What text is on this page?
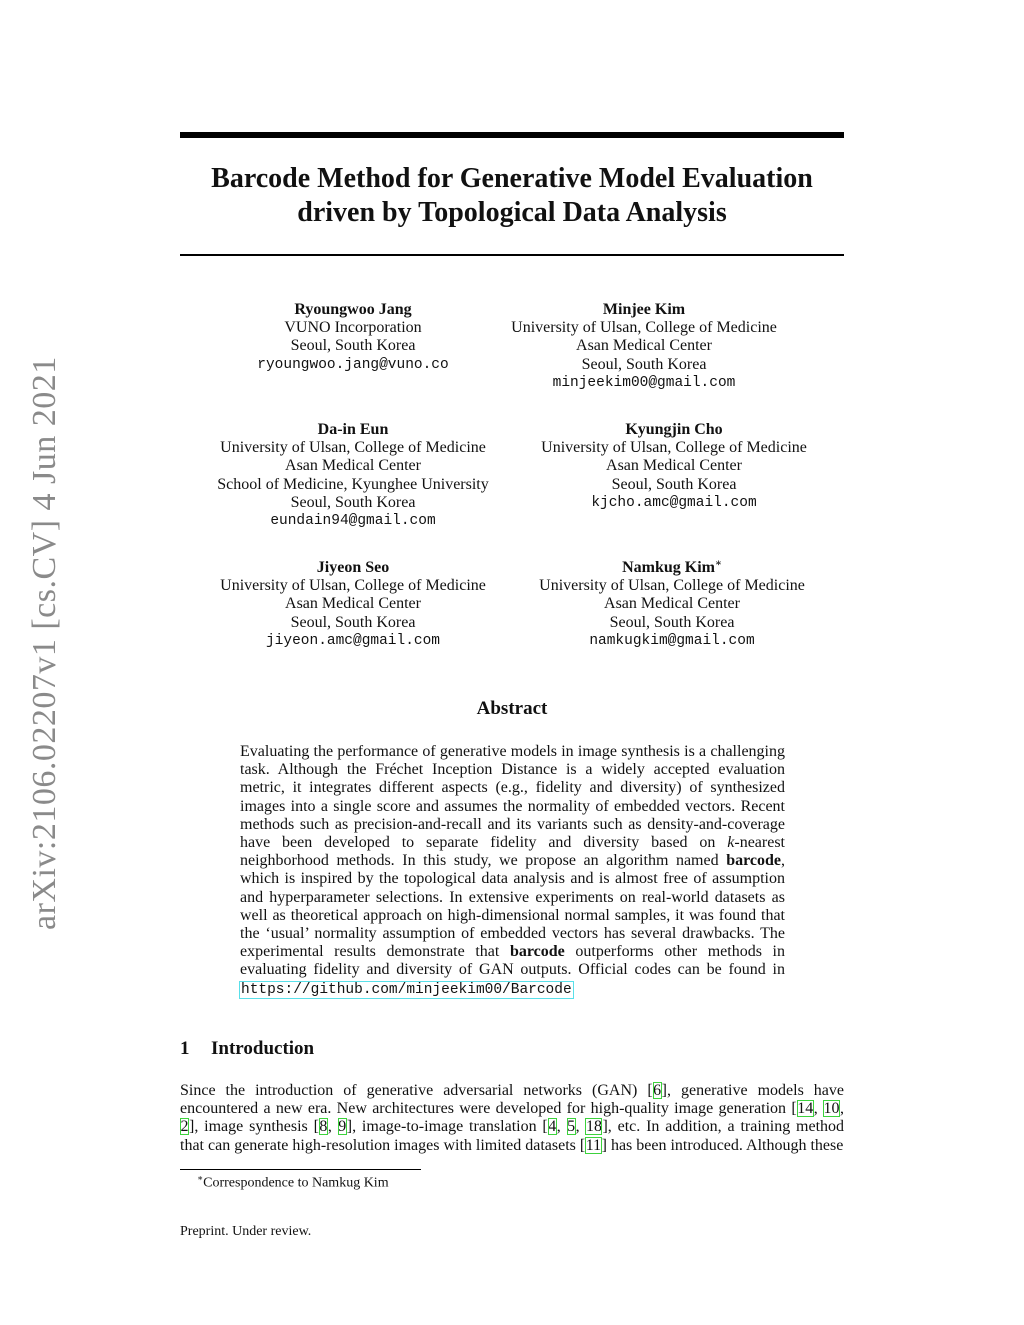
arXiv:2106.02207v1 [cs.CV] 4 Jun 2021
Barcode Method for Generative Model Evaluation
driven by Topological Data Analysis
Ryoungwoo Jang
VUNO Incorporation
Seoul, South Korea
ryoungwoo.jang@vuno.co
Minjee Kim
University of Ulsan, College of Medicine
Asan Medical Center
Seoul, South Korea
minjeekim00@gmail.com
Da-in Eun
University of Ulsan, College of Medicine
Asan Medical Center
School of Medicine, Kyunghee University
Seoul, South Korea
eundain94@gmail.com
Kyungjin Cho
University of Ulsan, College of Medicine
Asan Medical Center
Seoul, South Korea
kjcho.amc@gmail.com
Jiyeon Seo
University of Ulsan, College of Medicine
Asan Medical Center
Seoul, South Korea
jiyeon.amc@gmail.com
Namkug Kim∗
University of Ulsan, College of Medicine
Asan Medical Center
Seoul, South Korea
namkugkim@gmail.com
Abstract
Evaluating the performance of generative models in image synthesis is a challenging task. Although the Fréchet Inception Distance is a widely accepted evaluation metric, it integrates different aspects (e.g., fidelity and diversity) of synthesized images into a single score and assumes the normality of embedded vectors. Recent methods such as precision-and-recall and its variants such as density-and-coverage have been developed to separate fidelity and diversity based on k-nearest neighborhood methods. In this study, we propose an algorithm named barcode, which is inspired by the topological data analysis and is almost free of assumption and hyperparameter selections. In extensive experiments on real-world datasets as well as theoretical approach on high-dimensional normal samples, it was found that the ‘usual’ normality assumption of embedded vectors has several drawbacks. The experimental results demonstrate that barcode outperforms other methods in evaluating fidelity and diversity of GAN outputs. Official codes can be found in https://github.com/minjeekim00/Barcode
1 Introduction
Since the introduction of generative adversarial networks (GAN) [6], generative models have encountered a new era. New architectures were developed for high-quality image generation [14, 10, 2], image synthesis [8, 9], image-to-image translation [4, 5, 18], etc. In addition, a training method that can generate high-resolution images with limited datasets [11] has been introduced. Although these
∗Correspondence to Namkug Kim
Preprint. Under review.
